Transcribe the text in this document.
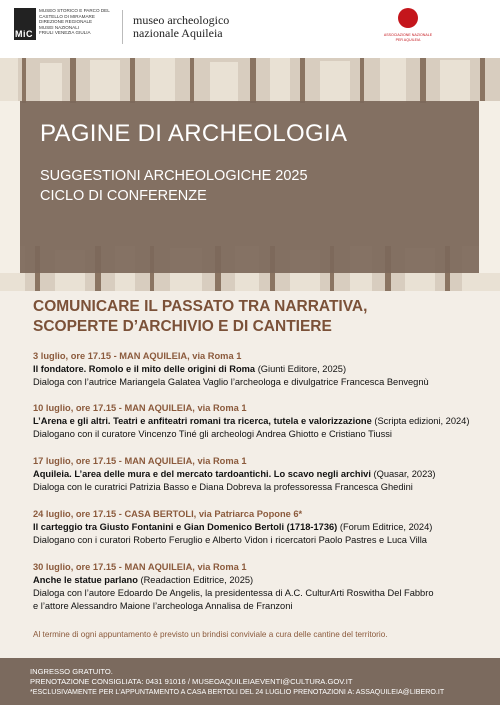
MiC
MUSEO STORICO E PARCO DEL
CASTELLO DI MIRAMARE
DIREZIONE REGIONALE
MUSEI NAZIONALI
FRIULI VENEZIA GIULIA
museo archeologico
nazionale Aquileia	ASSOCIAZIONE NAZIONALE PER AQUILEIA
PAGINE DI ARCHEOLOGIA
SUGGESTIONI ARCHEOLOGICHE 2025
CICLO DI CONFERENZE
COMUNICARE IL PASSATO TRA NARRATIVA,
SCOPERTE D’ARCHIVIO E DI CANTIERE
3 luglio, ore 17.15 - MAN AQUILEIA, via Roma 1
Il fondatore. Romolo e il mito delle origini di Roma (Giunti Editore, 2025)
Dialoga con l’autrice Mariangela Galatea Vaglio l’archeologa e divulgatrice Francesca Benvegnù
10 luglio, ore 17.15 - MAN AQUILEIA, via Roma 1
L’Arena e gli altri. Teatri e anfiteatri romani tra ricerca, tutela e valorizzazione (Scripta edizioni, 2024)
Dialogano con il curatore Vincenzo Tiné gli archeologi Andrea Ghiotto e Cristiano Tiussi
17 luglio, ore 17.15 - MAN AQUILEIA, via Roma 1
Aquileia. L’area delle mura e del mercato tardoantichi. Lo scavo negli archivi (Quasar, 2023)
Dialoga con le curatrici Patrizia Basso e Diana Dobreva la professoressa Francesca Ghedini
24 luglio, ore 17.15 - CASA BERTOLI, via Patriarca Popone 6*
Il carteggio tra Giusto Fontanini e Gian Domenico Bertoli (1718-1736) (Forum Editrice, 2024)
Dialogano con i curatori Roberto Feruglio e Alberto Vidon i ricercatori Paolo Pastres e Luca Villa
30 luglio, ore 17.15 - MAN AQUILEIA, via Roma 1
Anche le statue parlano (Readaction Editrice, 2025)
Dialoga con l’autore Edoardo De Angelis, la presidentessa di A.C. CulturArti Roswitha Del Fabbro
e l’attore Alessandro Maione l’archeologa Annalisa de Franzoni
Al termine di ogni appuntamento è previsto un brindisi conviviale a cura delle cantine del territorio.
INGRESSO GRATUITO.
PRENOTAZIONE CONSIGLIATA: 0431 91016 / MUSEOAQUILEIAEVENTI@CULTURA.GOV.IT
*ESCLUSIVAMENTE PER L’APPUNTAMENTO A CASA BERTOLI DEL 24 LUGLIO PRENOTAZIONI A: ASSAQUILEIA@LIBERO.IT
